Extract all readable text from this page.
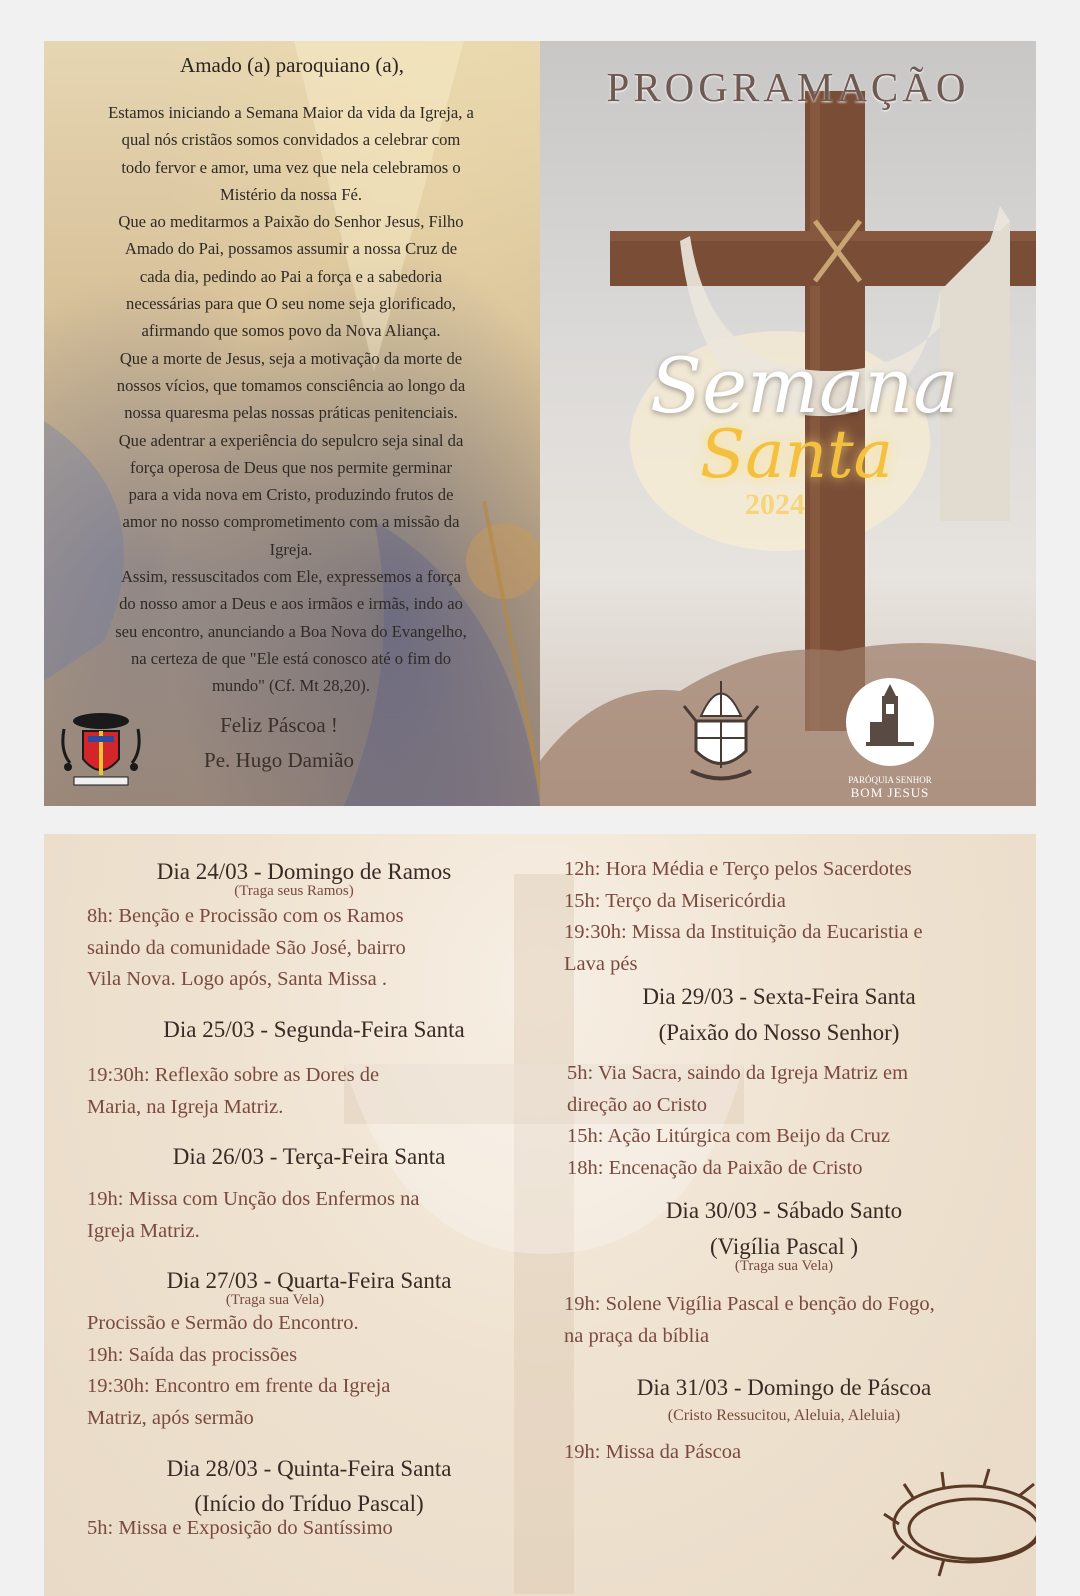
Amado (a) paroquiano (a),
Estamos iniciando a Semana Maior da vida da Igreja, a
qual nós cristãos somos convidados a celebrar com
todo fervor e amor, uma vez que nela celebramos o
Mistério da nossa Fé.
Que ao meditarmos a Paixão do Senhor Jesus, Filho
Amado do Pai, possamos assumir a nossa Cruz de
cada dia, pedindo ao Pai a força e a sabedoria
necessárias para que O seu nome seja glorificado,
afirmando que somos povo da Nova Aliança.
Que a morte de Jesus, seja a motivação da morte de
nossos vícios, que tomamos consciência ao longo da
nossa quaresma pelas nossas práticas penitenciais.
Que adentrar a experiência do sepulcro seja sinal da
força operosa de Deus que nos permite germinar
para a vida nova em Cristo, produzindo frutos de
amor no nosso comprometimento com a missão da
Igreja.
Assim, ressuscitados com Ele, expressemos a força
do nosso amor a Deus e aos irmãos e irmãs, indo ao
seu encontro, anunciando a Boa Nova do Evangelho,
na certeza de que "Ele está conosco até o fim do
mundo" (Cf. Mt 28,20).
Feliz Páscoa !
Pe. Hugo Damião
PROGRAMAÇÃO
Semana
Santa
2024
PARÓQUIA SENHOR
BOM JESUS
Dia 24/03 - Domingo de Ramos
(Traga seus Ramos)

8h: Benção e Procissão com os Ramos

saindo da comunidade São José, bairro

Vila Nova. Logo após, Santa Missa .

Dia 25/03 - Segunda-Feira Santa

19:30h: Reflexão sobre as Dores de

Maria, na Igreja Matriz.

Dia 26/03 - Terça-Feira Santa

19h: Missa com Unção dos Enfermos na

Igreja Matriz.

Dia 27/03 - Quarta-Feira Santa
(Traga sua Vela)

Procissão e Sermão do Encontro.

19h: Saída das procissões

19:30h: Encontro em frente da Igreja

Matriz, após sermão

Dia 28/03 - Quinta-Feira Santa
(Início do Tríduo Pascal)

5h: Missa e Exposição do Santíssimo

12h: Hora Média e Terço pelos Sacerdotes

15h: Terço da Misericórdia

19:30h: Missa da Instituição da Eucaristia e

Lava pés

Dia 29/03 - Sexta-Feira Santa
(Paixão do Nosso Senhor)

5h: Via Sacra, saindo da Igreja Matriz em

direção ao Cristo

15h: Ação Litúrgica com Beijo da Cruz

18h: Encenação da Paixão de Cristo

Dia 30/03 - Sábado Santo
(Vigília Pascal )
(Traga sua Vela)

19h: Solene Vigília Pascal e benção do Fogo,

na praça da bíblia

Dia 31/03 - Domingo de Páscoa
(Cristo Ressucitou, Aleluia, Aleluia)

19h: Missa da Páscoa
